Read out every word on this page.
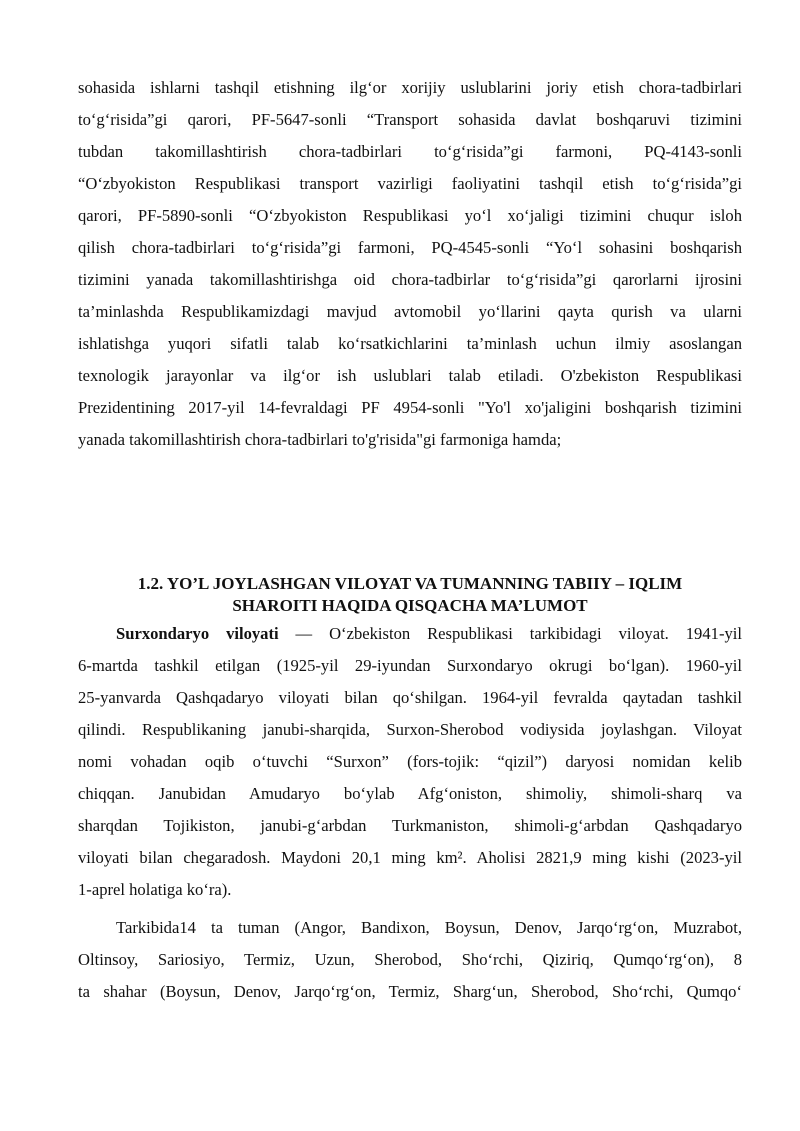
sohasida ishlarni tashqil etishning ilg‘or xorijiy uslublarini joriy etish chora-tadbirlari
to‘g‘risida”gi qarori, PF-5647-sonli “Transport sohasida davlat boshqaruvi tizimini
tubdan takomillashtirish chora-tadbirlari to‘g‘risida”gi farmoni, PQ-4143-sonli
“O‘zbyokiston Respublikasi transport vazirligi faoliyatini tashqil etish to‘g‘risida”gi
qarori, PF-5890-sonli “O‘zbyokiston Respublikasi yo‘l xo‘jaligi tizimini chuqur isloh
qilish chora-tadbirlari to‘g‘risida”gi farmoni, PQ-4545-sonli “Yo‘l sohasini boshqarish
tizimini yanada takomillashtirishga oid chora-tadbirlar to‘g‘risida”gi qarorlarni ijrosini
ta’minlashda Respublikamizdagi mavjud avtomobil yo‘llarini qayta qurish va ularni
ishlatishga yuqori sifatli talab ko‘rsatkichlarini ta’minlash uchun ilmiy asoslangan
texnologik jarayonlar va ilg‘or ish uslublari talab etiladi. O'zbekiston Respublikasi
Prezidentining 2017-yil 14-fevraldagi PF 4954-sonli "Yo'l xo'jaligini boshqarish tizimini
yanada takomillashtirish chora-tadbirlari to'g'risida"gi farmoniga hamda;
1.2. YO’L JOYLASHGAN VILOYAT VA TUMANNING TABIIY – IQLIM
SHAROITI HAQIDA QISQACHA MA’LUMOT
Surxondaryo viloyati — O‘zbekiston Respublikasi tarkibidagi viloyat. 1941-yil
6-martda tashkil etilgan (1925-yil 29-iyundan Surxondaryo okrugi bo‘lgan). 1960-yil
25-yanvarda Qashqadaryo viloyati bilan qo‘shilgan. 1964-yil fevralda qaytadan tashkil
qilindi. Respublikaning janubi-sharqida, Surxon-Sherobod vodiysida joylashgan. Viloyat
nomi vohadan oqib o‘tuvchi “Surxon” (fors-tojik: “qizil”) daryosi nomidan kelib
chiqqan. Janubidan Amudaryo bo‘ylab Afg‘oniston, shimoliy, shimoli-sharq va
sharqdan Tojikiston, janubi-g‘arbdan Turkmaniston, shimoli-g‘arbdan Qashqadaryo
viloyati bilan chegaradosh. Maydoni 20,1 ming km². Aholisi 2821,9 ming kishi (2023-yil
1-aprel holatiga ko‘ra).
Tarkibida14 ta tuman (Angor, Bandixon, Boysun, Denov, Jarqo‘rg‘on, Muzrabot,
Oltinsoy, Sariosiyo, Termiz, Uzun, Sherobod, Sho‘rchi, Qiziriq, Qumqo‘rg‘on), 8
ta shahar (Boysun, Denov, Jarqo‘rg‘on, Termiz, Sharg‘un, Sherobod, Sho‘rchi, Qumqo‘
